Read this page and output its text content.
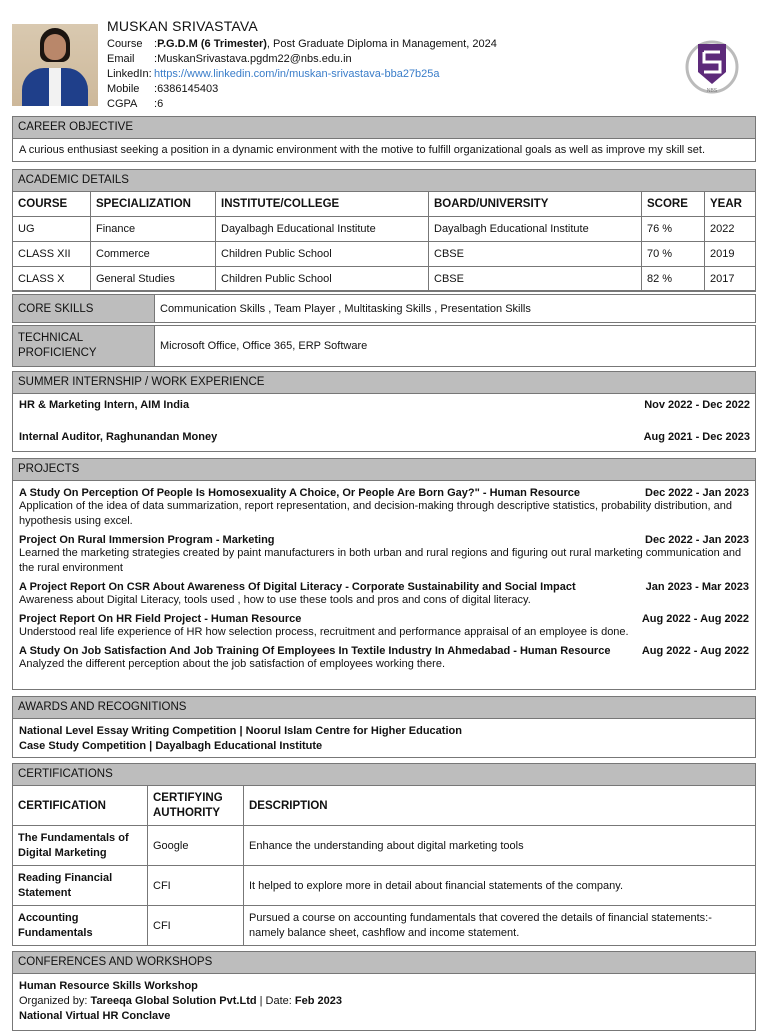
MUSKAN SRIVASTAVA
Course :P.G.D.M (6 Trimester), Post Graduate Diploma in Management, 2024
Email :MuskanSrivastava.pgdm22@nbs.edu.in
LinkedIn: https://www.linkedin.com/in/muskan-srivastava-bba27b25a
Mobile :6386145403
CGPA :6
NBS
CAREER OBJECTIVE
A curious enthusiast seeking a position in a dynamic environment with the motive to fulfill organizational goals as well as improve my skill set.
ACADEMIC DETAILS
COURSE	SPECIALIZATION	INSTITUTE/COLLEGE	BOARD/UNIVERSITY	SCORE	YEAR
UG	Finance	Dayalbagh Educational Institute	Dayalbagh Educational Institute	76 %	2022
CLASS XII	Commerce	Children Public School	CBSE	70 %	2019
CLASS X	General Studies	Children Public School	CBSE	82 %	2017
CORE SKILLS	Communication Skills , Team Player , Multitasking Skills , Presentation Skills
TECHNICAL PROFICIENCY	Microsoft Office, Office 365, ERP Software
SUMMER INTERNSHIP / WORK EXPERIENCE
HR & Marketing Intern, AIM India	Nov 2022 - Dec 2022
Internal Auditor, Raghunandan Money	Aug 2021 - Dec 2023
PROJECTS
A Study On Perception Of People Is Homosexuality A Choice, Or People Are Born Gay?" - Human Resource	Dec 2022 - Jan 2023
Application of the idea of data summarization, report representation, and decision-making through descriptive statistics, probability distribution, and hypothesis using excel.
Project On Rural Immersion Program - Marketing	Dec 2022 - Jan 2023
Learned the marketing strategies created by paint manufacturers in both urban and rural regions and figuring out rural marketing communication and the rural environment
A Project Report On CSR About Awareness Of Digital Literacy - Corporate Sustainability and Social Impact	Jan 2023 - Mar 2023
Awareness about Digital Literacy, tools used , how to use these tools and pros and cons of digital literacy.
Project Report On HR Field Project - Human Resource	Aug 2022 - Aug 2022
Understood real life experience of HR how selection process, recruitment and performance appraisal of an employee is done.
A Study On Job Satisfaction And Job Training Of Employees In Textile Industry In Ahmedabad - Human Resource	Aug 2022 - Aug 2022
Analyzed the different perception about the job satisfaction of employees working there.
AWARDS AND RECOGNITIONS
National Level Essay Writing Competition | Noorul Islam Centre for Higher Education
Case Study Competition | Dayalbagh Educational Institute
CERTIFICATIONS
CERTIFICATION	CERTIFYING AUTHORITY	DESCRIPTION
The Fundamentals of Digital Marketing	Google	Enhance the understanding about digital marketing tools
Reading Financial Statement	CFI	It helped to explore more in detail about financial statements of the company.
Accounting Fundamentals	CFI	Pursued a course on accounting fundamentals that covered the details of financial statements:- namely balance sheet, cashflow and income statement.
CONFERENCES AND WORKSHOPS
Human Resource Skills Workshop
Organized by: Tareeqa Global Solution Pvt.Ltd | Date: Feb 2023
National Virtual HR Conclave
